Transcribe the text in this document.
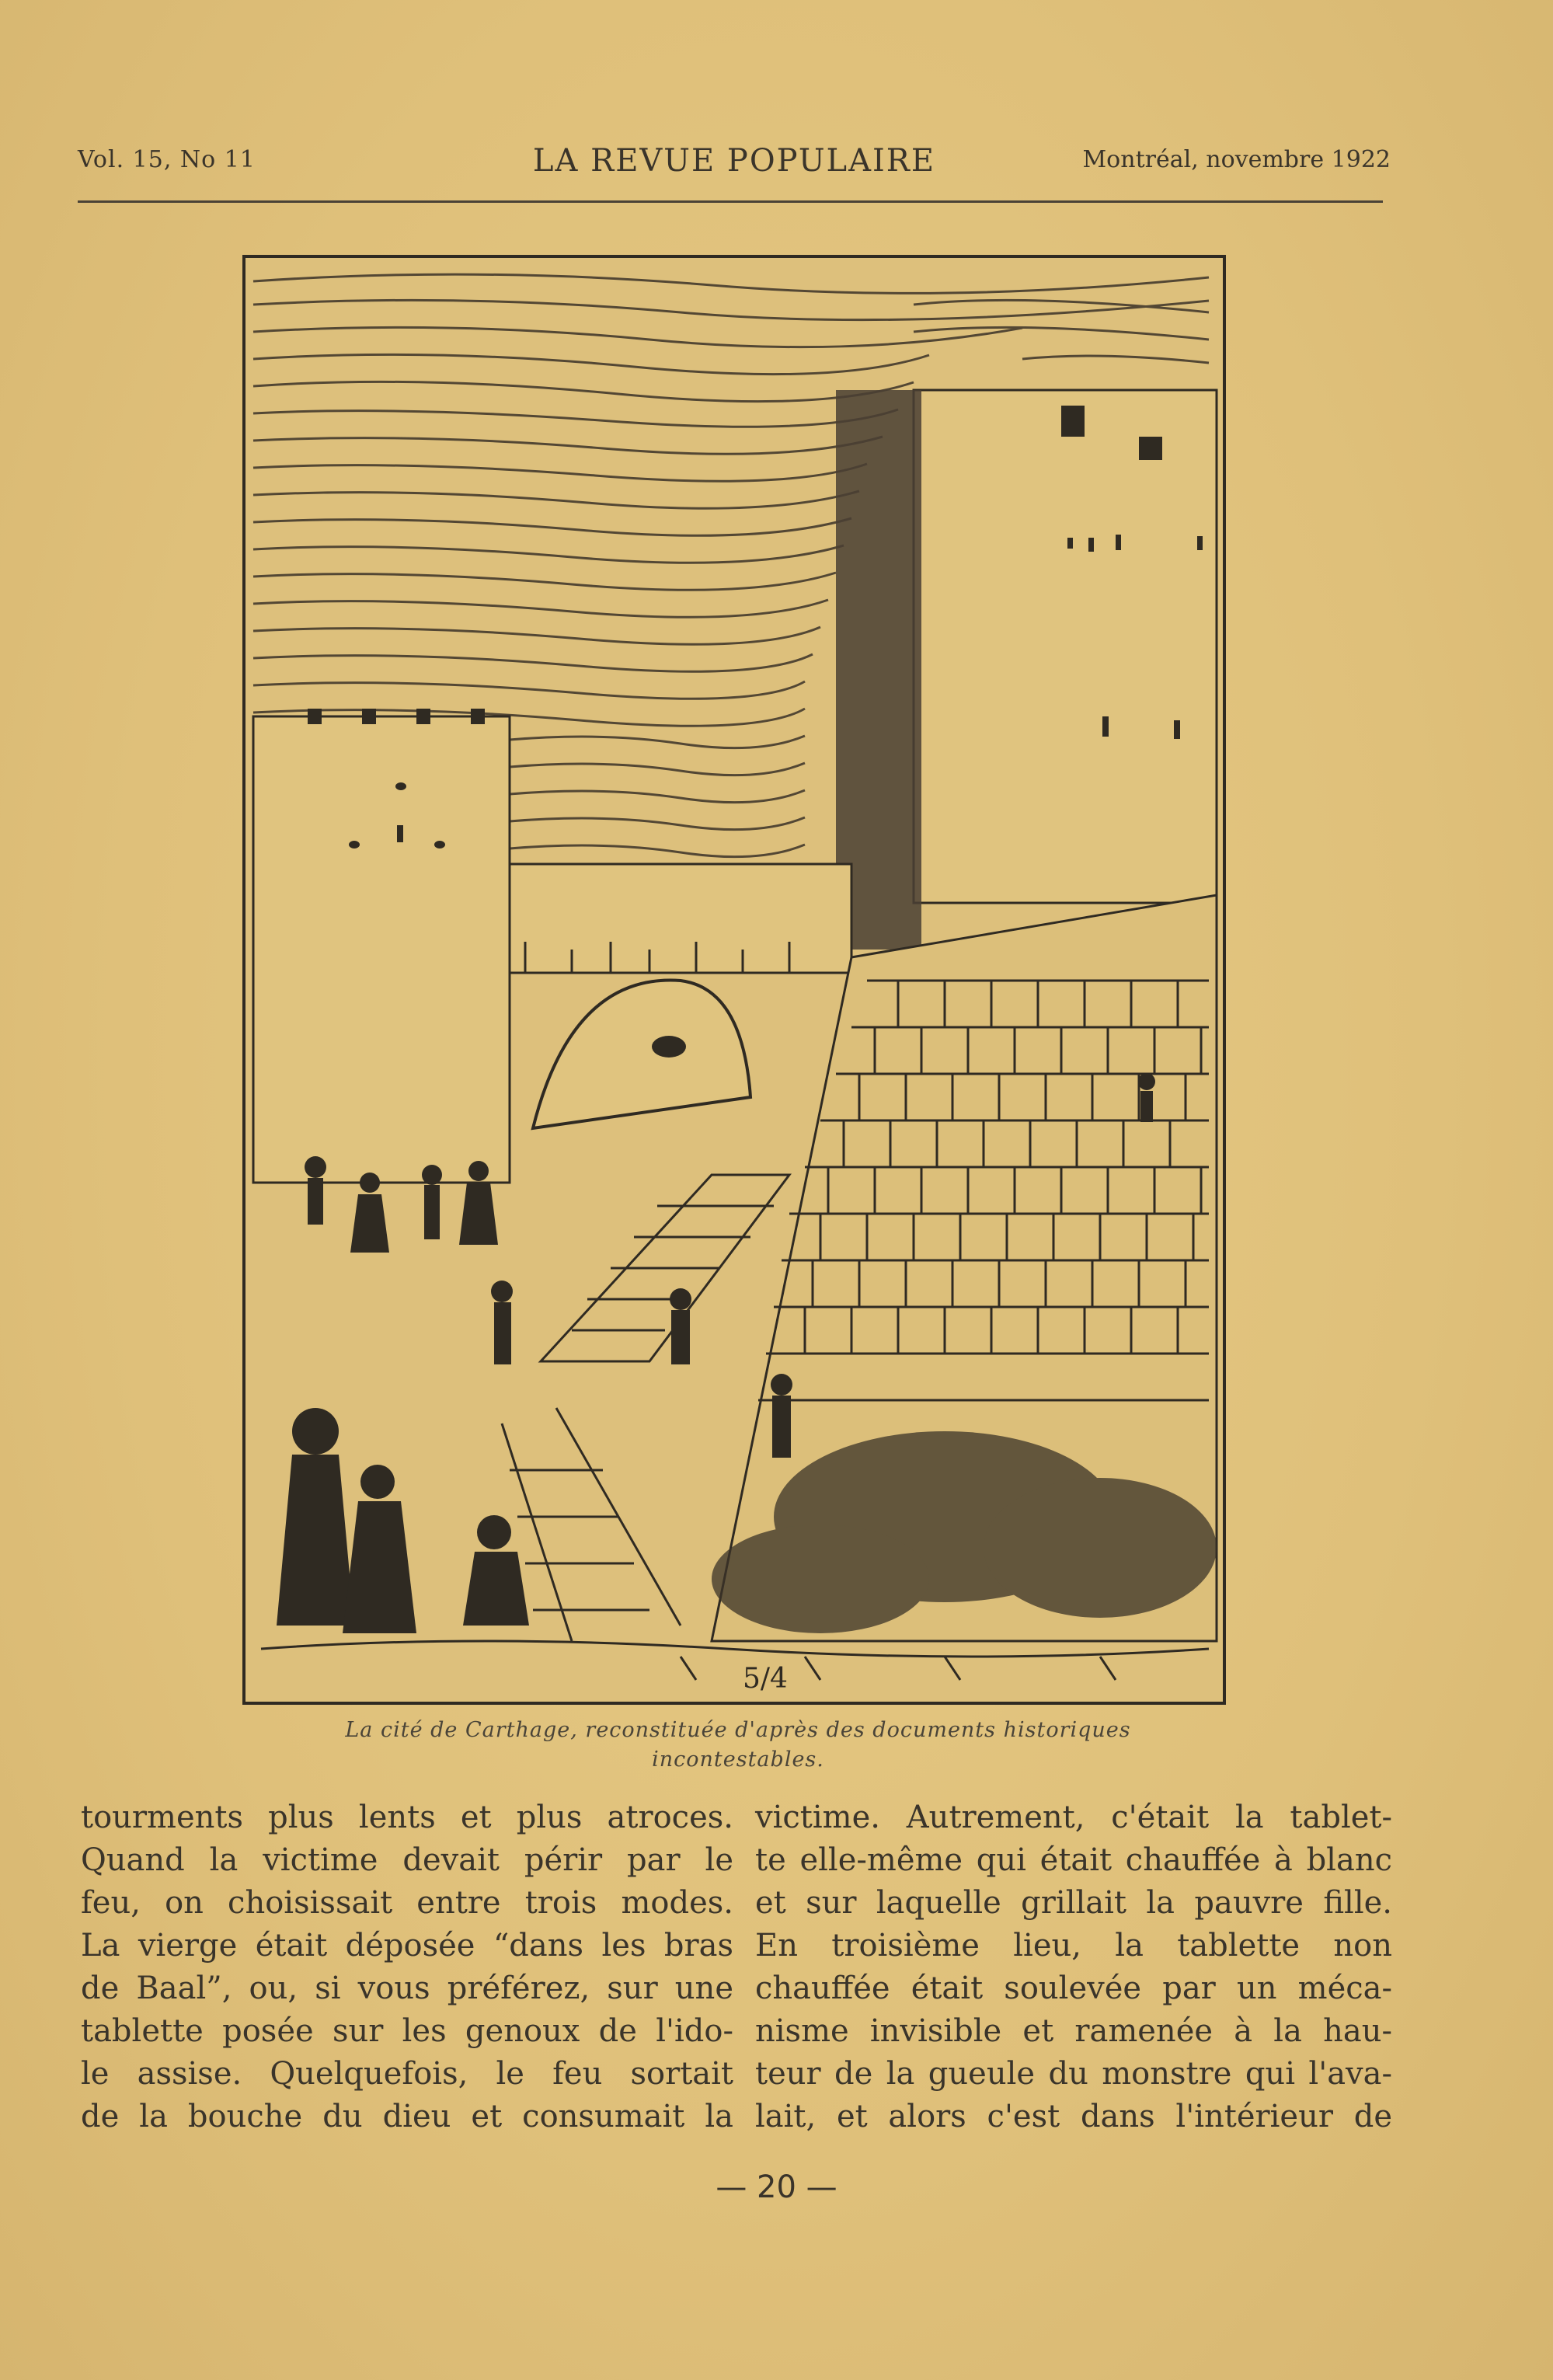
Vol. 15, No 11	LA REVUE POPULAIRE	Montréal, novembre 1922
5/4
La cité de Carthage, reconstituée d'après des documents historiques
incontestables.
tourments plus lents et plus atroces.
Quand la victime devait périr par le
feu, on choisissait entre trois modes.
La vierge était déposée “dans les bras
de Baal”, ou, si vous préférez, sur une
tablette posée sur les genoux de l'ido-
le assise. Quelquefois, le feu sortait
de la bouche du dieu et consumait la
victime. Autrement, c'était la tablet-
te elle-même qui était chauffée à blanc
et sur laquelle grillait la pauvre fille.
En troisième lieu, la tablette non
chauffée était soulevée par un méca-
nisme invisible et ramenée à la hau-
teur de la gueule du monstre qui l'ava-
lait, et alors c'est dans l'intérieur de
— 20 —
